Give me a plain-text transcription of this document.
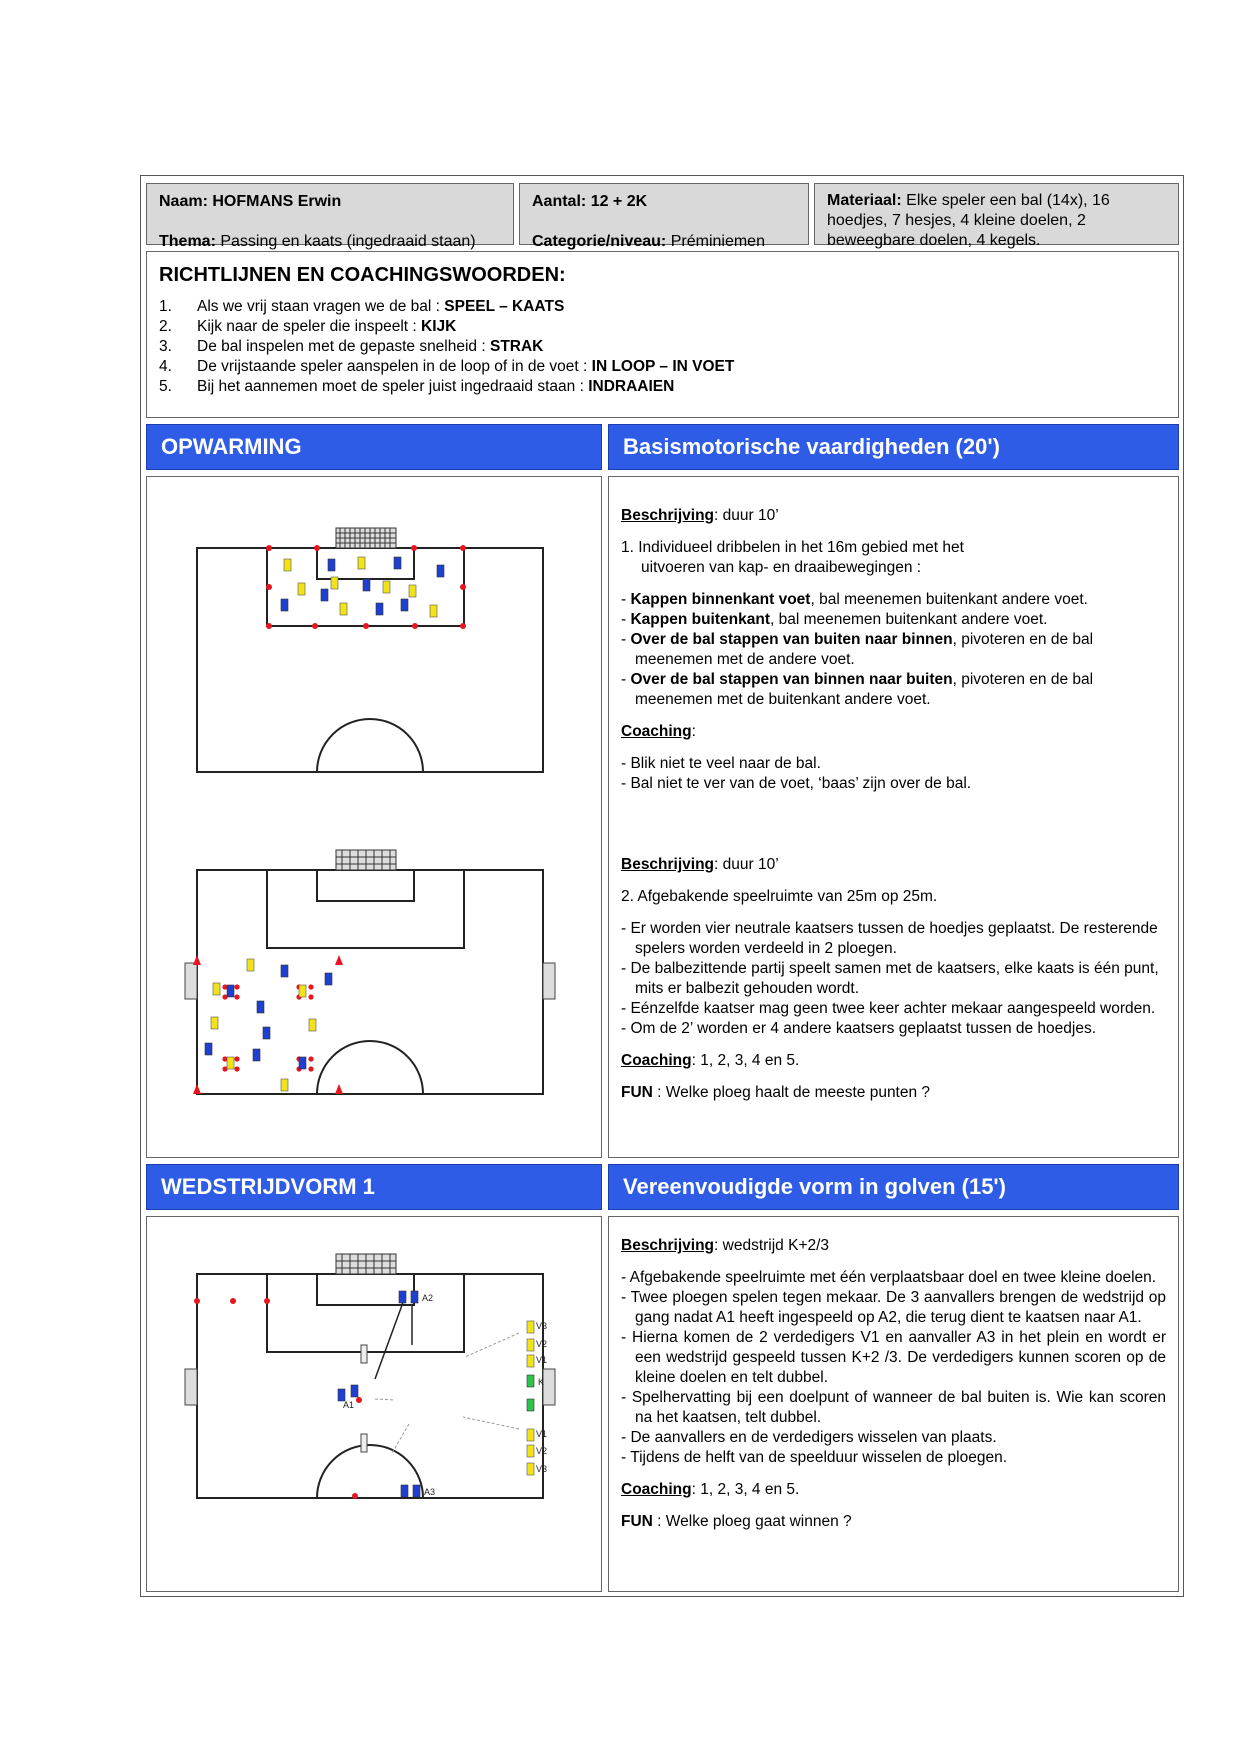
Naam: HOFMANS Erwin
Thema: Passing en kaats (ingedraaid staan)
Aantal: 12 + 2K
Categorie/niveau: Préminiemen
Materiaal: Elke speler een bal (14x), 16 hoedjes, 7 hesjes, 4 kleine doelen, 2 beweegbare doelen, 4 kegels.

RICHTLIJNEN EN COACHINGSWOORDEN:

1. Als we vrij staan vragen we de bal : SPEEL – KAATS
2. Kijk naar de speler die inspeelt : KIJK
3. De bal inspelen met de gepaste snelheid : STRAK
4. De vrijstaande speler aanspelen in de loop of in de voet : IN LOOP – IN VOET
5. Bij het aannemen moet de speler juist ingedraaid staan : INDRAAIEN
OPWARMING	Basismotorische vaardigheden (20')

Beschrijving: duur 10’

1. Individueel dribbelen in het 16m gebied met het

uitvoeren van kap- en draaibewegingen :

- Kappen binnenkant voet, bal meenemen buitenkant andere voet.

- Kappen buitenkant, bal meenemen buitenkant andere voet.

- Over de bal stappen van buiten naar binnen, pivoteren en de bal meenemen met de andere voet.

- Over de bal stappen van binnen naar buiten, pivoteren en de bal meenemen met de buitenkant andere voet.

Coaching:

- Blik niet te veel naar de bal.

- Bal niet te ver van de voet, ‘baas’ zijn over de bal.

Beschrijving: duur 10’

2. Afgebakende speelruimte van 25m op 25m.

- Er worden vier neutrale kaatsers tussen de hoedjes geplaatst. De resterende spelers worden verdeeld in 2 ploegen.

- De balbezittende partij speelt samen met de kaatsers, elke kaats is één punt, mits er balbezit gehouden wordt.

- Eénzelfde kaatser mag geen twee keer achter mekaar aangespeeld worden.

- Om de 2’ worden er 4 andere kaatsers geplaatst tussen de hoedjes.

Coaching: 1, 2, 3, 4 en 5.

FUN : Welke ploeg haalt de meeste punten ?

WEDSTRIJDVORM 1	Vereenvoudigde vorm in golven (15')
A2
A1
A3
V3
V2
V1
K
V1
V2
V3

Beschrijving: wedstrijd K+2/3

- Afgebakende speelruimte met één verplaatsbaar doel en twee kleine doelen.

- Twee ploegen spelen tegen mekaar. De 3 aanvallers brengen de wedstrijd op gang nadat A1 heeft ingespeeld op A2, die terug dient te kaatsen naar A1.

- Hierna komen de 2 verdedigers V1 en aanvaller A3 in het plein en wordt er een wedstrijd gespeeld tussen K+2 /3. De verdedigers kunnen scoren op de kleine doelen en telt dubbel.

- Spelhervatting bij een doelpunt of wanneer de bal buiten is. Wie kan scoren na het kaatsen, telt dubbel.

- De aanvallers en de verdedigers wisselen van plaats.

- Tijdens de helft van de speelduur wisselen de ploegen.

Coaching: 1, 2, 3, 4 en 5.

FUN : Welke ploeg gaat winnen ?
